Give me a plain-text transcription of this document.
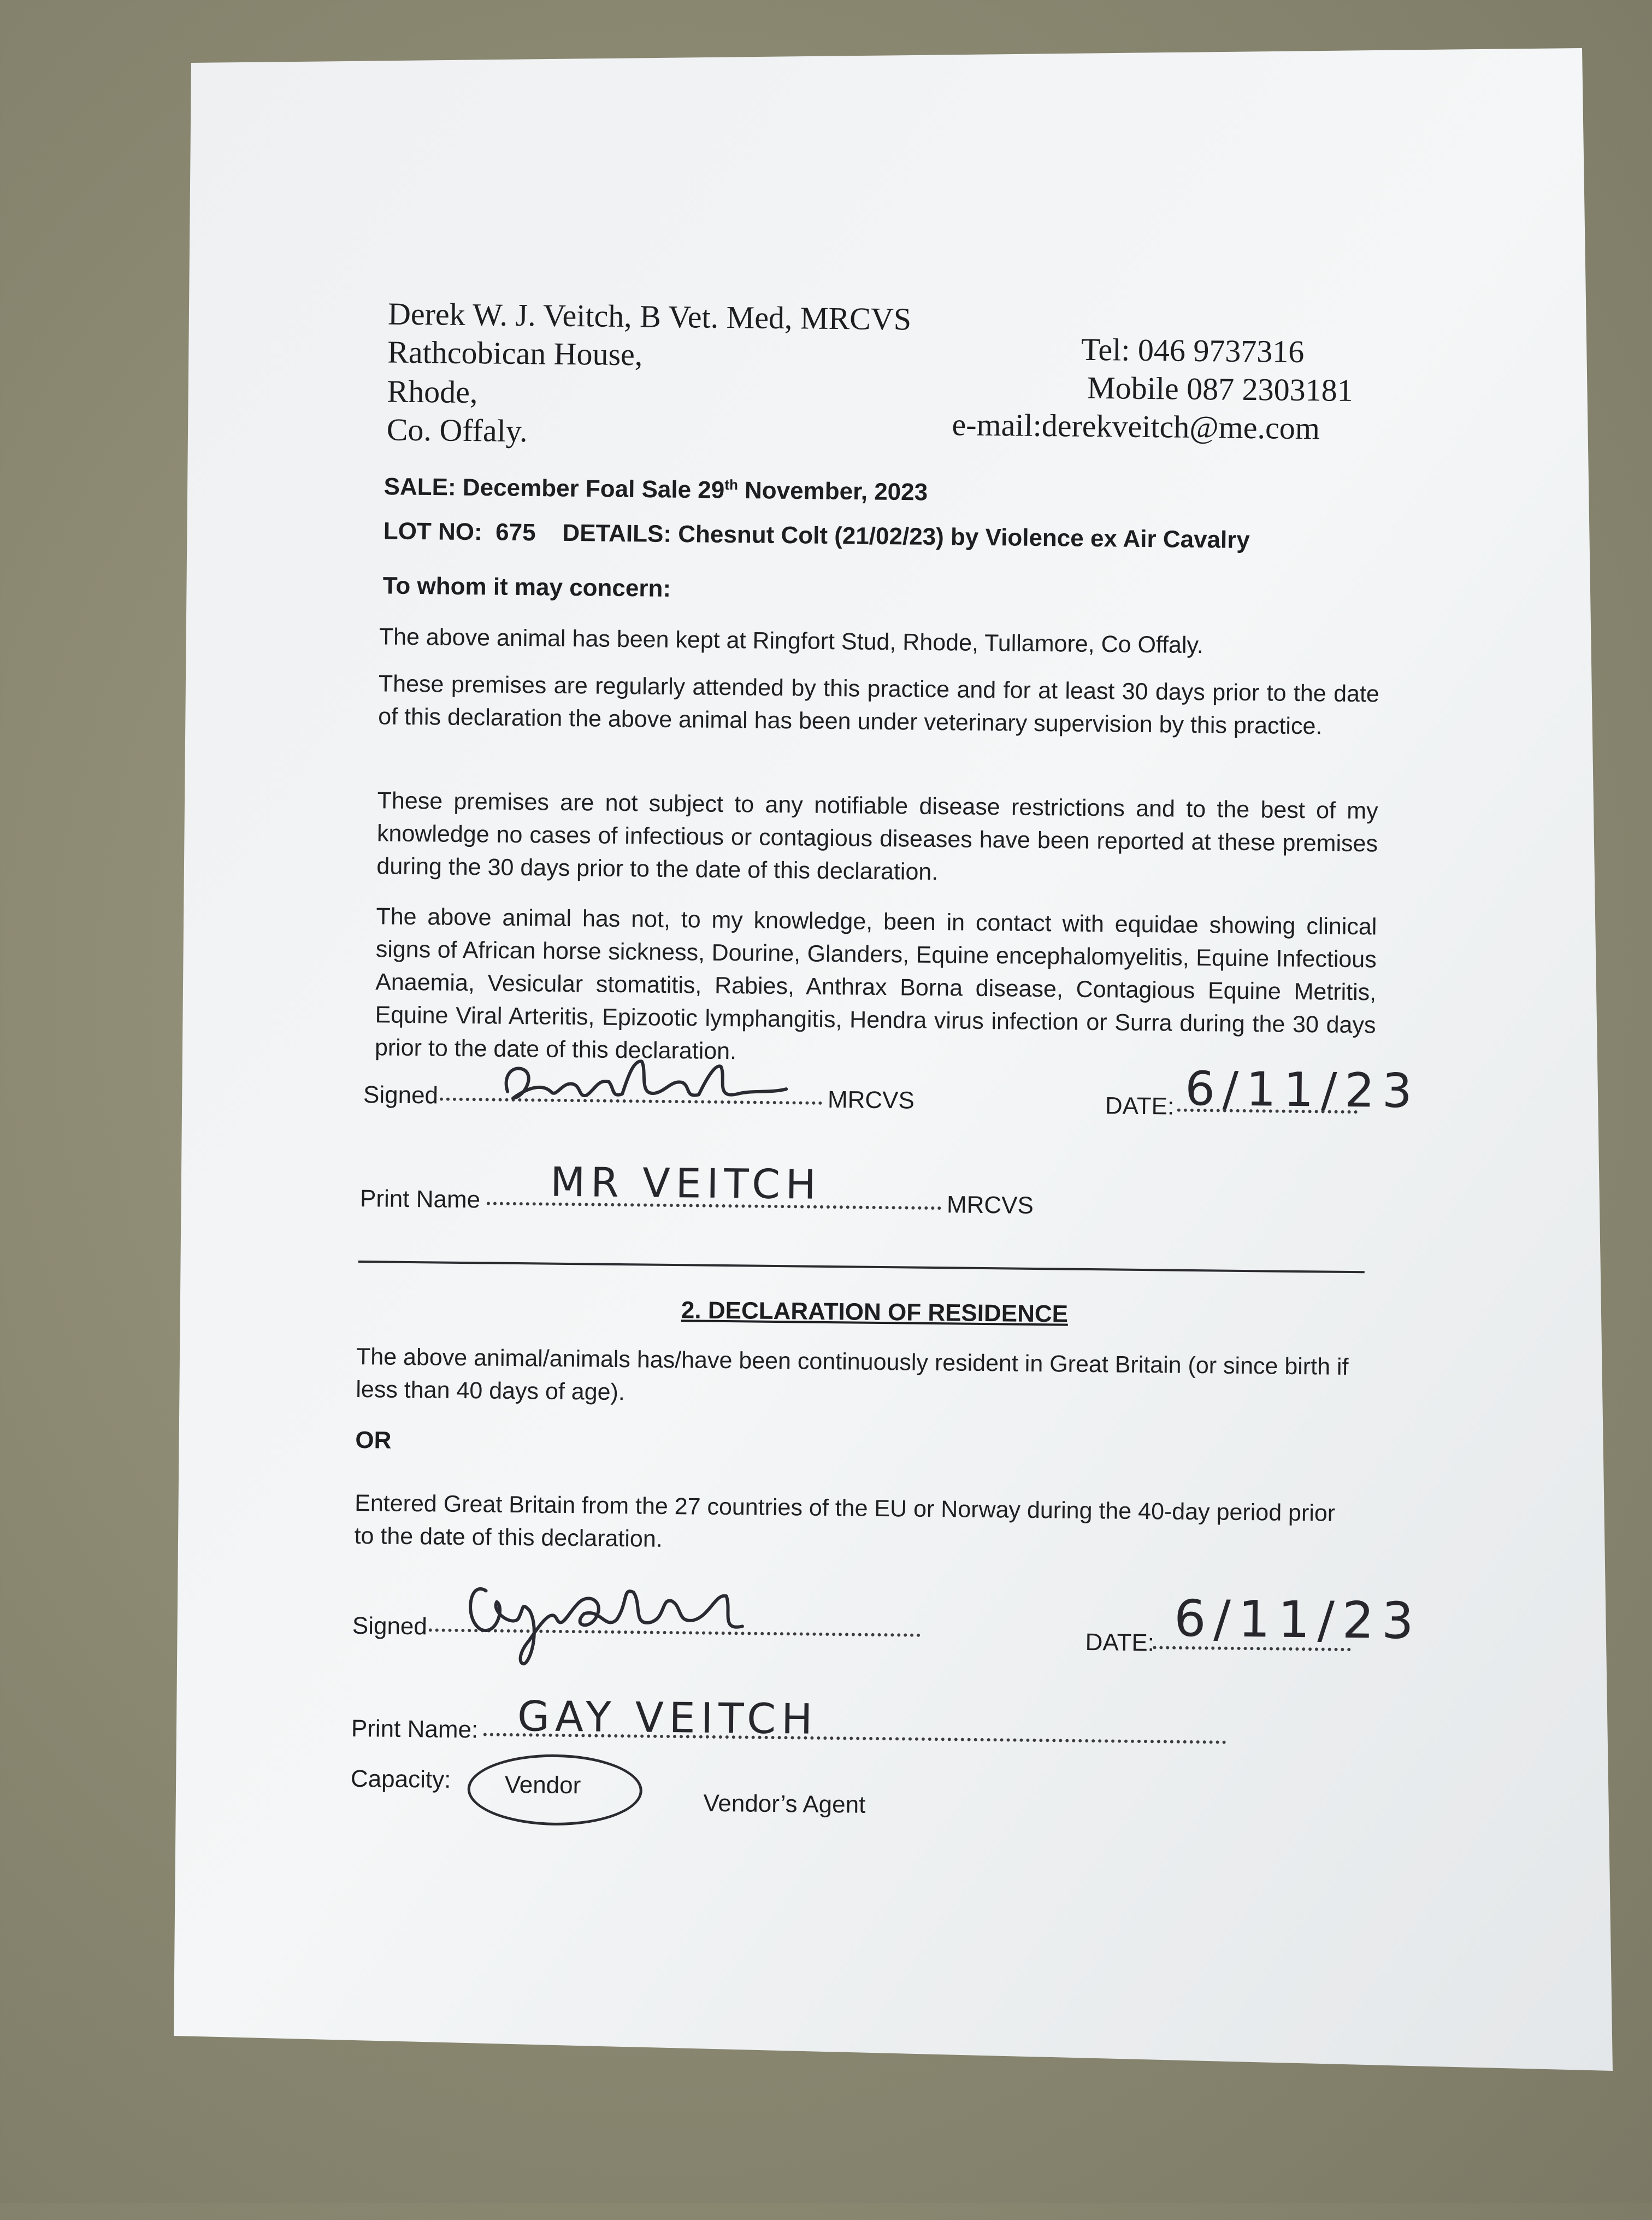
Derek W. J. Veitch, B Vet. Med, MRCVS
Rathcobican House,
Rhode,
Co. Offaly.
Tel: 046 9737316
Mobile 087 2303181
e-mail:derekveitch@me.com
SALE: December Foal Sale 29th November, 2023
LOT NO:  675    DETAILS: Chesnut Colt (21/02/23) by Violence ex Air Cavalry
To whom it may concern:
The above animal has been kept at Ringfort Stud, Rhode, Tullamore, Co Offaly.
These premises are regularly attended by this practice and for at least 30 days prior to the date of this declaration the above animal has been under veterinary supervision by this practice.
These premises are not subject to any notifiable disease restrictions and to the best of my knowledge no cases of infectious or contagious diseases have been reported at these premises during the 30 days prior to the date of this declaration.
The above animal has not, to my knowledge, been in contact with equidae showing clinical signs of African horse sickness, Dourine, Glanders, Equine encephalomyelitis, Equine Infectious Anaemia, Vesicular stomatitis, Rabies, Anthrax Borna disease, Contagious Equine Metritis, Equine Viral Arteritis, Epizootic lymphangitis, Hendra virus infection or Surra during the 30 days prior to the date of this declaration.
Signed	MRCVS	DATE: 6/11/23
Print Name	MRCVS
MR VEITCH
2. DECLARATION OF RESIDENCE
The above animal/animals has/have been continuously resident in Great Britain (or since birth if less than 40 days of age).
OR
Entered Great Britain from the 27 countries of the EU or Norway during the 40-day period prior to the date of this declaration.
Signed
DATE: 6/11/23
Print Name: GAY VEITCH
Capacity: Vendor
Vendor’s Agent
